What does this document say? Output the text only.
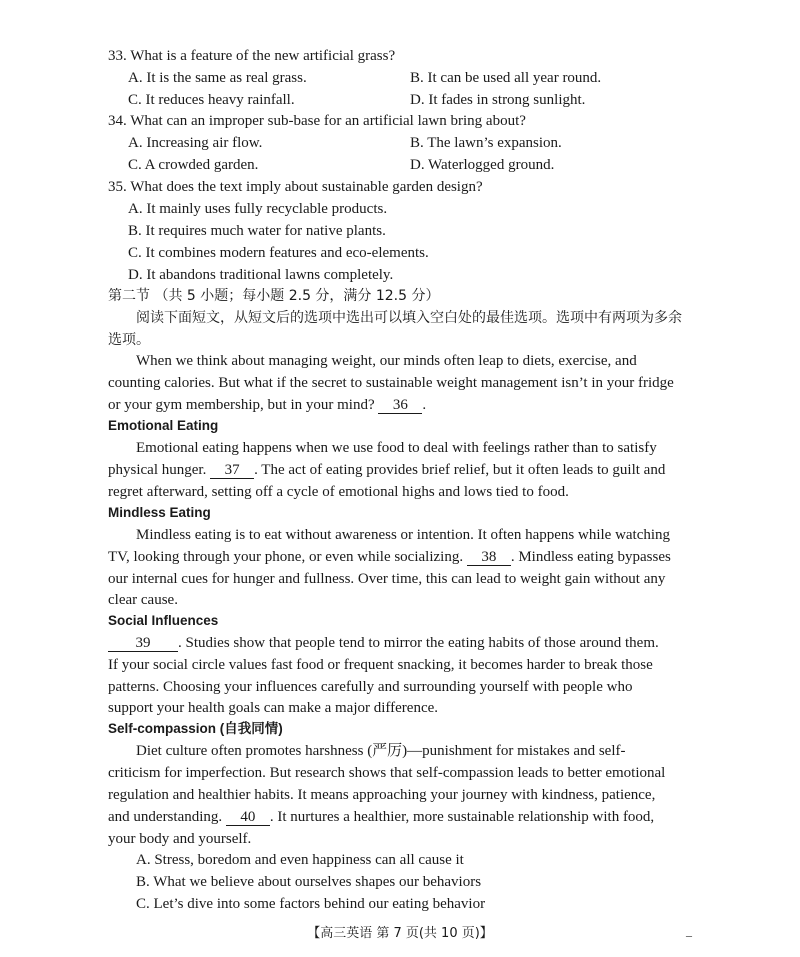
33. What is a feature of the new artificial grass?
A. It is the same as real grass.	B. It can be used all year round.
C. It reduces heavy rainfall.	D. It fades in strong sunlight.
34. What can an improper sub-base for an artificial lawn bring about?
A. Increasing air flow.	B. The lawn’s expansion.
C. A crowded garden.	D. Waterlogged ground.
35. What does the text imply about sustainable garden design?
A. It mainly uses fully recyclable products.
B. It requires much water for native plants.
C. It combines modern features and eco-elements.
D. It abandons traditional lawns completely.
第二节 （共 5 小题；每小题 2.5 分，满分 12.5 分）
阅读下面短文，从短文后的选项中选出可以填入空白处的最佳选项。选项中有两项为多余
选项。
When we think about managing weight, our minds often leap to diets, exercise, and
counting calories. But what if the secret to sustainable weight management isn’t in your fridge
or your gym membership, but in your mind? 36 .
Emotional Eating
Emotional eating happens when we use food to deal with feelings rather than to satisfy
physical hunger. 37 . The act of eating provides brief relief, but it often leads to guilt and
regret afterward, setting off a cycle of emotional highs and lows tied to food.
Mindless Eating
Mindless eating is to eat without awareness or intention. It often happens while watching
TV, looking through your phone, or even while socializing. 38 . Mindless eating bypasses
our internal cues for hunger and fullness. Over time, this can lead to weight gain without any
clear cause.
Social Influences
39 . Studies show that people tend to mirror the eating habits of those around them.
If your social circle values fast food or frequent snacking, it becomes harder to break those
patterns. Choosing your influences carefully and surrounding yourself with people who
support your health goals can make a major difference.
Self-compassion (自我同情)
Diet culture often promotes harshness (严厉)—punishment for mistakes and self-
criticism for imperfection. But research shows that self-compassion leads to better emotional
regulation and healthier habits. It means approaching your journey with kindness, patience,
and understanding. 40 . It nurtures a healthier, more sustainable relationship with food,
your body and yourself.
A. Stress, boredom and even happiness can all cause it
B. What we believe about ourselves shapes our behaviors
C. Let’s dive into some factors behind our eating behavior
【高三英语 第 7 页(共 10 页)】	–
